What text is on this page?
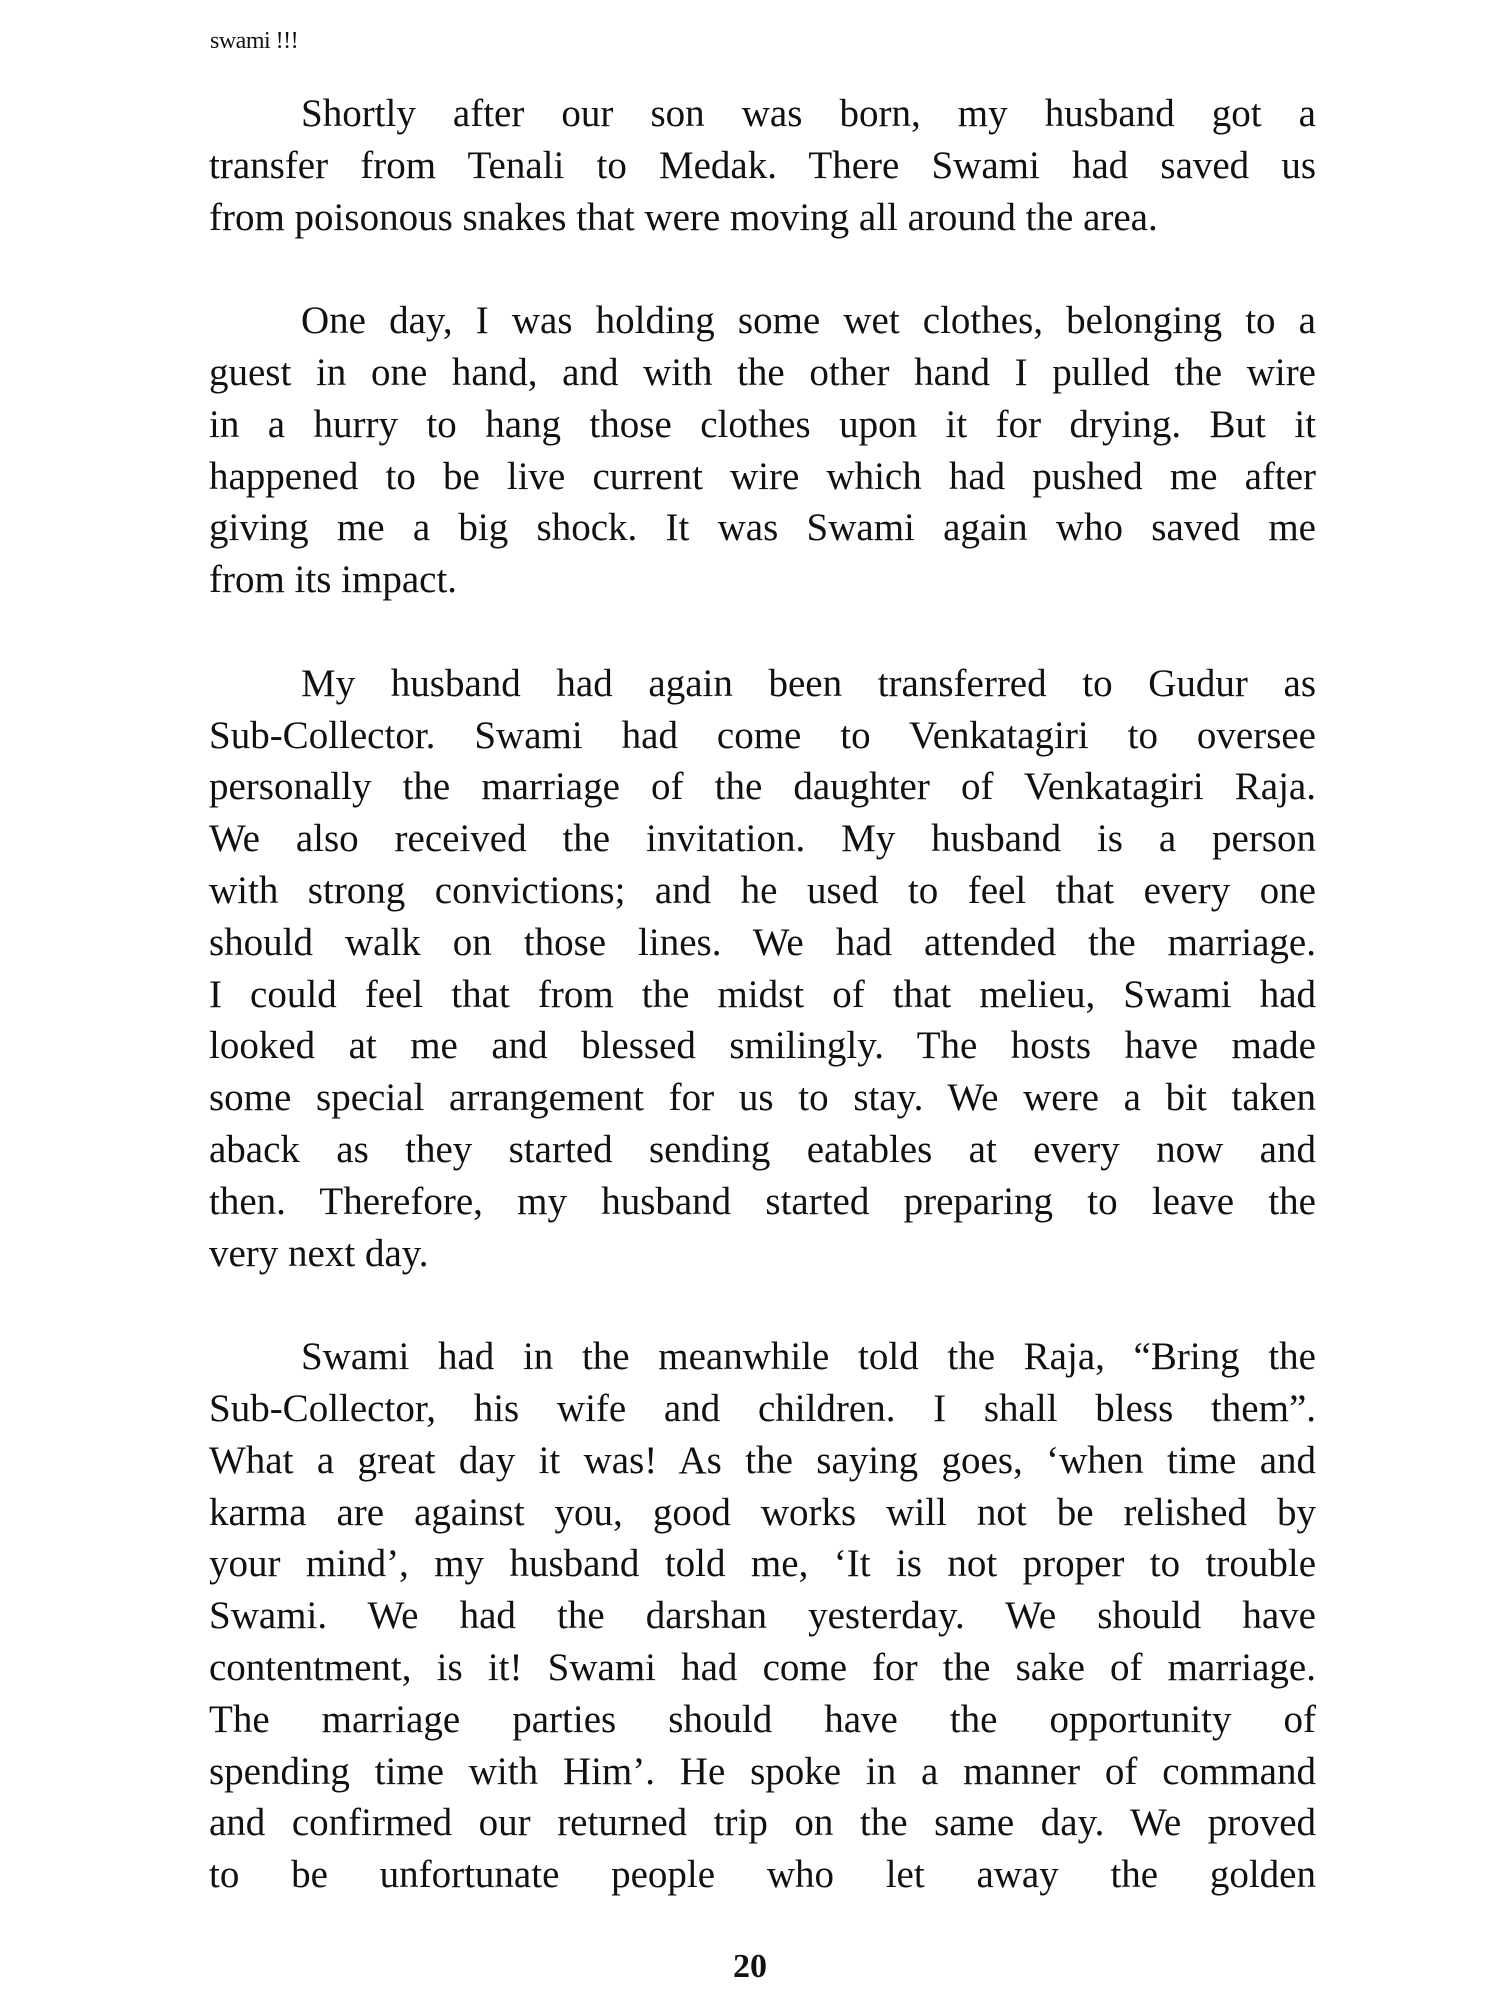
swami !!!
Shortly after our son was born, my husband got a
transfer from Tenali to Medak. There Swami had saved us
from poisonous snakes that were moving all around the area.
One day, I was holding some wet clothes, belonging to a
guest in one hand, and with the other hand I pulled the wire
in a hurry to hang those clothes upon it for drying. But it
happened to be live current wire which had pushed me after
giving me a big shock. It was Swami again who saved me
from its impact.
My husband had again been transferred to Gudur as
Sub-Collector. Swami had come to Venkatagiri to oversee
personally the marriage of the daughter of Venkatagiri Raja.
We also received the invitation. My husband is a person
with strong convictions; and he used to feel that every one
should walk on those lines. We had attended the marriage.
I could feel that from the midst of that melieu, Swami had
looked at me and blessed smilingly. The hosts have made
some special arrangement for us to stay. We were a bit taken
aback as they started sending eatables at every now and
then. Therefore, my husband started preparing to leave the
very next day.
Swami had in the meanwhile told the Raja, “Bring the
Sub-Collector, his wife and children. I shall bless them”.
What a great day it was! As the saying goes, ‘when time and
karma are against you, good works will not be relished by
your mind’, my husband told me, ‘It is not proper to trouble
Swami. We had the darshan yesterday. We should have
contentment, is it! Swami had come for the sake of marriage.
The marriage parties should have the opportunity of
spending time with Him’. He spoke in a manner of command
and confirmed our returned trip on the same day. We proved
to be unfortunate people who let away the golden
20
